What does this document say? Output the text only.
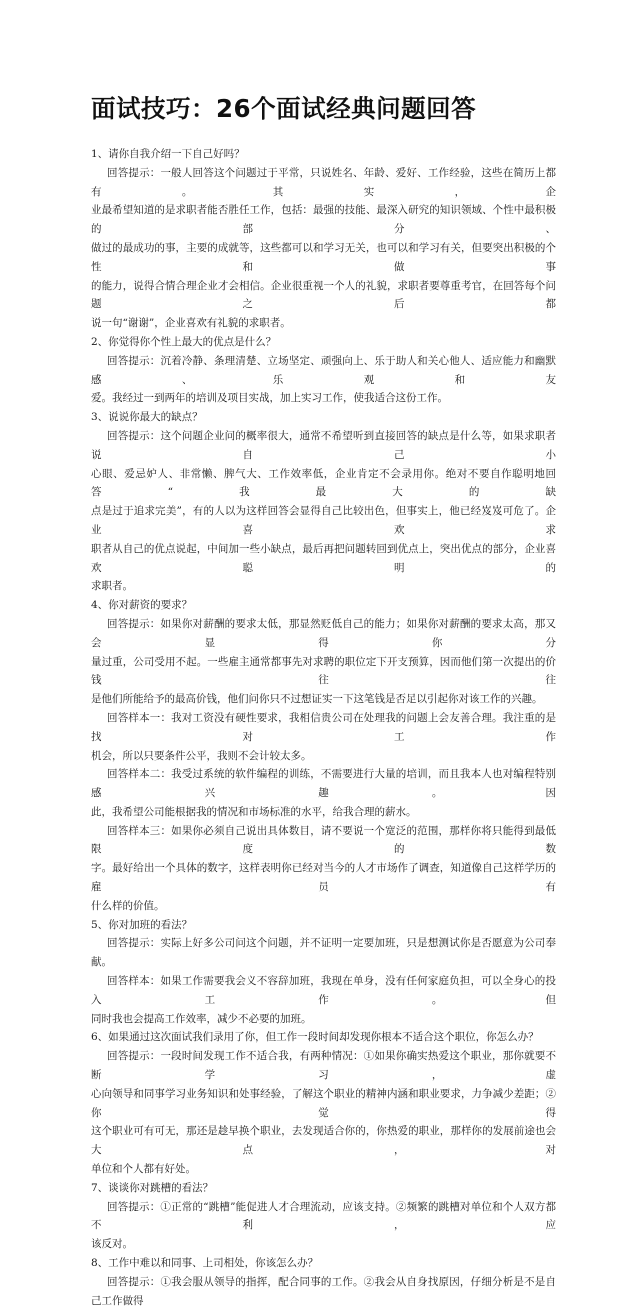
面试技巧：26个面试经典问题回答
1、请你自我介绍一下自己好吗？
回答提示：一般人回答这个问题过于平常，只说姓名、年龄、爱好、工作经验，这些在简历上都有。其实，企
业最希望知道的是求职者能否胜任工作，包括：最强的技能、最深入研究的知识领域、个性中最积极的部分、
做过的最成功的事，主要的成就等，这些都可以和学习无关，也可以和学习有关，但要突出积极的个性和做事
的能力，说得合情合理企业才会相信。企业很重视一个人的礼貌，求职者要尊重考官，在回答每个问题之后都
说一句“谢谢”，企业喜欢有礼貌的求职者。
2、你觉得你个性上最大的优点是什么？
回答提示：沉着冷静、条理清楚、立场坚定、顽强向上、乐于助人和关心他人、适应能力和幽默感、乐观和友
爱。我经过一到两年的培训及项目实战，加上实习工作，使我适合这份工作。
3、说说你最大的缺点？
回答提示：这个问题企业问的概率很大，通常不希望听到直接回答的缺点是什么等，如果求职者说自己小
心眼、爱忌妒人、非常懒、脾气大、工作效率低，企业肯定不会录用你。绝对不要自作聪明地回答“我最大的缺
点是过于追求完美”，有的人以为这样回答会显得自己比较出色，但事实上，他已经岌岌可危了。企业喜欢求
职者从自己的优点说起，中间加一些小缺点，最后再把问题转回到优点上，突出优点的部分，企业喜欢聪明的
求职者。
4、你对薪资的要求？
回答提示：如果你对薪酬的要求太低，那显然贬低自己的能力；如果你对薪酬的要求太高，那又会显得你分
量过重，公司受用不起。一些雇主通常都事先对求聘的职位定下开支预算，因而他们第一次提出的价钱往往
是他们所能给予的最高价钱，他们问你只不过想证实一下这笔钱是否足以引起你对该工作的兴趣。
回答样本一：我对工资没有硬性要求，我相信贵公司在处理我的问题上会友善合理。我注重的是找对工作
机会，所以只要条件公平，我则不会计较太多。
回答样本二：我受过系统的软件编程的训练，不需要进行大量的培训，而且我本人也对编程特别感兴趣。因
此，我希望公司能根据我的情况和市场标准的水平，给我合理的薪水。
回答样本三：如果你必须自己说出具体数目，请不要说一个宽泛的范围，那样你将只能得到最低限度的数
字。最好给出一个具体的数字，这样表明你已经对当今的人才市场作了调查，知道像自己这样学历的雇员有
什么样的价值。
5、你对加班的看法？
回答提示：实际上好多公司问这个问题，并不证明一定要加班，只是想测试你是否愿意为公司奉献。
回答样本：如果工作需要我会义不容辞加班，我现在单身，没有任何家庭负担，可以全身心的投入工作。但
同时我也会提高工作效率，减少不必要的加班。
6、如果通过这次面试我们录用了你，但工作一段时间却发现你根本不适合这个职位，你怎么办？
回答提示：一段时间发现工作不适合我，有两种情况：①如果你确实热爱这个职业，那你就要不断学习，虚
心向领导和同事学习业务知识和处事经验，了解这个职业的精神内涵和职业要求，力争减少差距；②你觉得
这个职业可有可无，那还是趁早换个职业，去发现适合你的，你热爱的职业，那样你的发展前途也会大点，对
单位和个人都有好处。
7、谈谈你对跳槽的看法？
回答提示：①正常的“跳槽”能促进人才合理流动，应该支持。②频繁的跳槽对单位和个人双方都不利，应
该反对。
8、工作中难以和同事、上司相处，你该怎么办？
回答提示：①我会服从领导的指挥，配合同事的工作。②我会从自身找原因，仔细分析是不是自己工作做得
